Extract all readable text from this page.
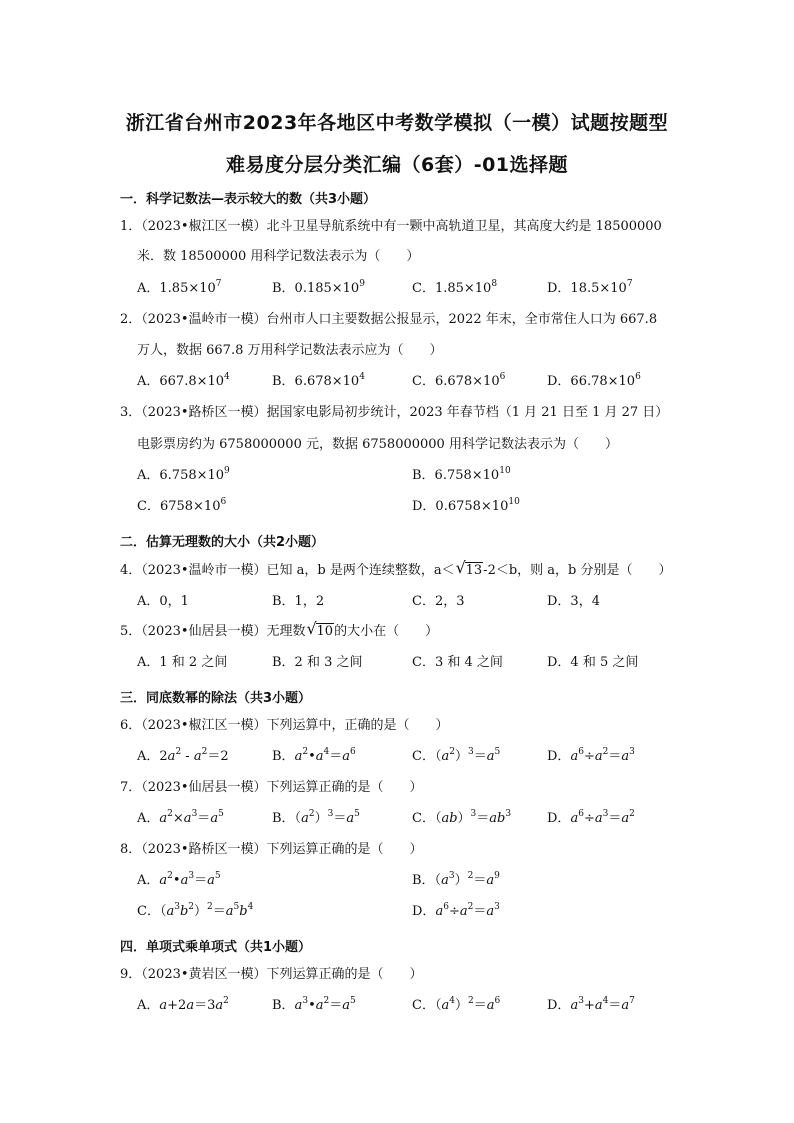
浙江省台州市2023年各地区中考数学模拟（一模）试题按题型
难易度分层分类汇编（6套）-01选择题
一．科学记数法—表示较大的数（共3小题）
1．（2023•椒江区一模）北斗卫星导航系统中有一颗中高轨道卫星，其高度大约是 18500000
米．数 18500000 用科学记数法表示为（　　）
A．$1.85\times 10^7$	B．$0.185\times 10^9$	C．$1.85\times 10^8$	D．$18.5\times 10^7$
2．（2023•温岭市一模）台州市人口主要数据公报显示，2022 年末，全市常住人口为 667.8
万人，数据 667.8 万用科学记数法表示应为（　　）
A．$667.8\times 10^4$	B．$6.678\times 10^4$	C．$6.678\times 10^6$	D．$66.78\times 10^6$
3．（2023•路桥区一模）据国家电影局初步统计，2023 年春节档（1 月 21 日至 1 月 27 日）
电影票房约为 6758000000 元，数据 6758000000 用科学记数法表示为（　　）
A．$6.758\times 10^9$	B．$6.758\times 10^{10}$
C．$6758\times 10^6$	D．$0.6758\times 10^{10}$
二．估算无理数的大小（共2小题）
4．（2023•温岭市一模）已知 a，b 是两个连续整数，a＜ √ 13-2＜b，则 a，b 分别是（　　）
A．0，1	B．1，2	C．2，3	D．3，4
5．（2023•仙居县一模）无理数 √ 10的大小在（　　）
A．1 和 2 之间	B．2 和 3 之间	C．3 和 4 之间	D．4 和 5 之间
三．同底数幂的除法（共3小题）
6．（2023•椒江区一模）下列运算中，正确的是（　　）
A．$2a^2 - a^2=2$	B．$a^2•a^4=a^6$	C．$(a^2)^3=a^5$	D．$a^6\div a^2=a^3$
7．（2023•仙居县一模）下列运算正确的是（　　）
A．$a^2\times a^3=a^5$	B．$(a^2)^3=a^5$	C．$(ab)^3=ab^3$	D．$a^6\div a^3=a^2$
8．（2023•路桥区一模）下列运算正确的是（　　）
A．$a^2•a^3=a^5$	B．$(a^3)^2=a^9$
C．$(a^3b^2)^2=a^5b^4$	D．$a^6\div a^2=a^3$
四．单项式乘单项式（共1小题）
9．（2023•黄岩区一模）下列运算正确的是（　　）
A．$a+2a=3a^2$	B．$a^3•a^2=a^5$	C．$(a^4)^2=a^6$	D．$a^3+a^4=a^7$
